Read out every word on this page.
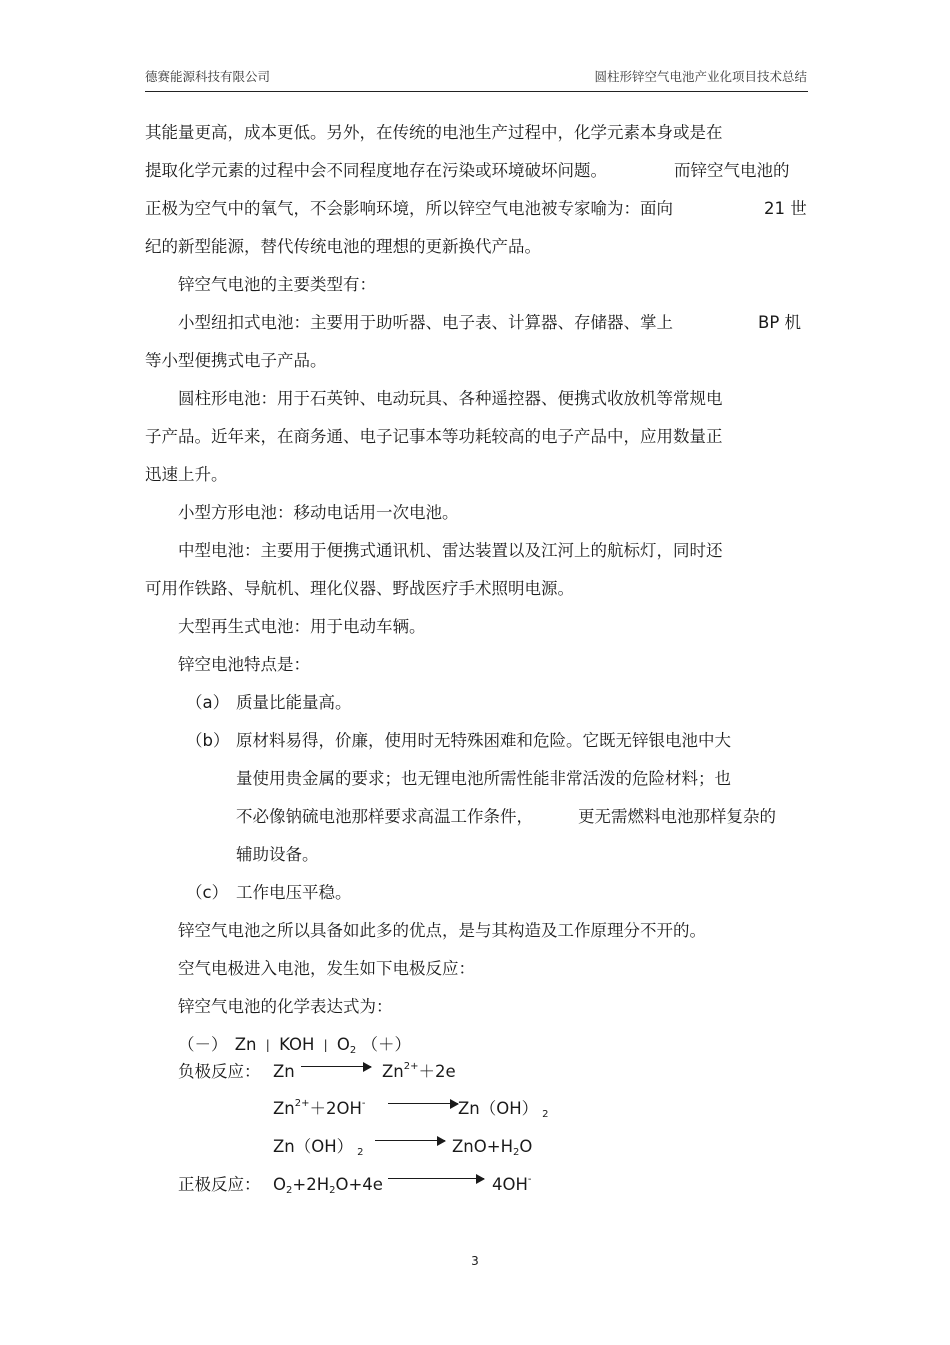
德赛能源科技有限公司	圆柱形锌空气电池产业化项目技术总结
其能量更高，成本更低。另外，在传统的电池生产过程中，化学元素本身或是在
提取化学元素的过程中会不同程度地存在污染或环境破坏问题。	而锌空气电池的
正极为空气中的氧气，不会影响环境，所以锌空气电池被专家喻为：面向	21 世
纪的新型能源，替代传统电池的理想的更新换代产品。
锌空气电池的主要类型有：
小型纽扣式电池：主要用于助听器、电子表、计算器、存储器、掌上	BP 机
等小型便携式电子产品。
圆柱形电池：用于石英钟、电动玩具、各种遥控器、便携式收放机等常规电
子产品。近年来，在商务通、电子记事本等功耗较高的电子产品中，应用数量正
迅速上升。
小型方形电池：移动电话用一次电池。
中型电池：主要用于便携式通讯机、雷达装置以及江河上的航标灯，同时还
可用作铁路、导航机、理化仪器、野战医疗手术照明电源。
大型再生式电池：用于电动车辆。
锌空电池特点是：
（a） 质量比能量高。
（b） 原材料易得，价廉，使用时无特殊困难和危险。它既无锌银电池中大
量使用贵金属的要求；也无锂电池所需性能非常活泼的危险材料；也
不必像钠硫电池那样要求高温工作条件，	更无需燃料电池那样复杂的
辅助设备。
（c） 工作电压平稳。
锌空气电池之所以具备如此多的优点，是与其构造及工作原理分不开的。
空气电极进入电池，发生如下电极反应：
锌空气电池的化学表达式为：
（－） Zn | KOH | $O_2$ （＋）
负极反应： Zn	$Zn^{2+}+2e$
$Zn^{2+}+2OH^-$	Zn（OH） $_2$
Zn（OH） $_2$	$ZnO+H_2O$
正极反应： $O_2+2H_2O+4e$	4OH-
3
